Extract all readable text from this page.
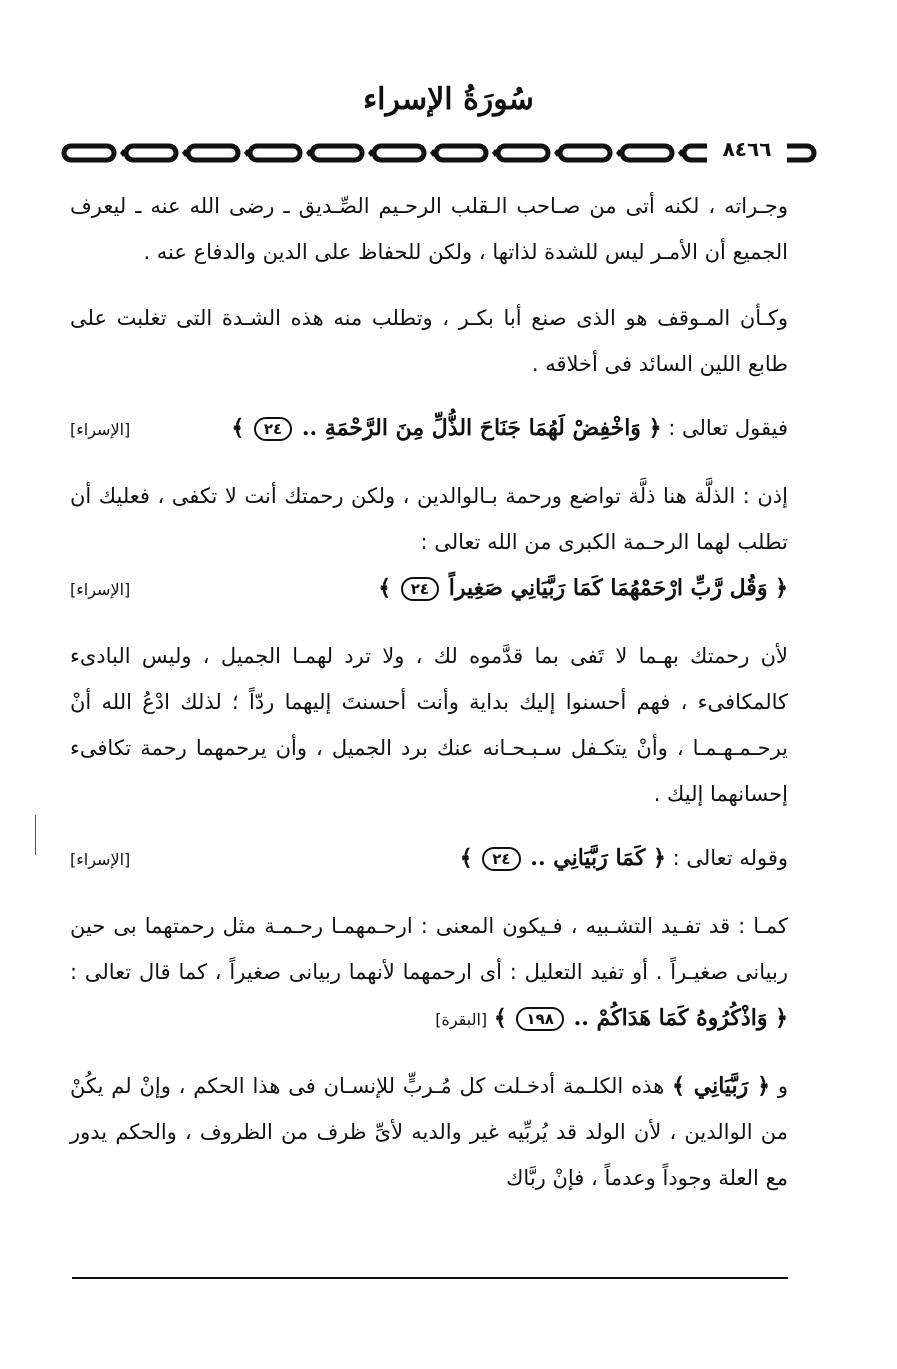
سُورَةُ الإسراء
٨٤٦٦

وجـراته ، لكنه أتى من صـاحب الـقلب الرحـيم الصِّـديق ـ رضى الله عنه ـ ليعرف الجميع أن الأمـر ليس للشدة لذاتها ، ولكن للحفاظ على الدين والدفاع عنه .

وكـأن المـوقف هو الذى صنع أبا بكـر ، وتطلب منه هذه الشـدة التى تغلبت على طابع اللين السائد فى أخلاقه .

فيقول تعالى : ﴿ وَاخْفِضْ لَهُمَا جَنَاحَ الذُّلِّ مِنَ الرَّحْمَةِ .. ٢٤ ﴾
[الإسراء]
إذن : الذلَّة هنا ذلَّة تواضع ورحمة بـالوالدين ، ولكن رحمتك أنت لا تكفى ، فعليك أن تطلب لهما الرحـمة الكبرى من الله تعالى :
﴿ وَقُل رَّبِّ ارْحَمْهُمَا كَمَا رَبَّيَانِي صَغِيراً ٢٤ ﴾
[الإسراء]

لأن رحمتك بهـما لا تَفى بما قدَّموه لك ، ولا ترد لهمـا الجميل ، وليس البادىء كالمكافىء ، فهم أحسنوا إليك بداية وأنت أحسنتَ إليهما ردّاً ؛ لذلك ادْعُ الله أنْ يرحـمـهـمـا ، وأنْ يتكـفل سـبـحـانه عنك برد الجميل ، وأن يرحمهما رحمة تكافىء إحسانهما إليك .

وقوله تعالى : ﴿ كَمَا رَبَّيَانِي .. ٢٤ ﴾
[الإسراء]
كمـا : قد تفـيد التشـبيه ، فـيكون المعنى : ارحـمهمـا رحـمـة مثل رحمتهما بى حين ربيانى صغيـراً . أو تفيد التعليل : أى ارحمهما لأنهما ربيانى صغيراً ، كما قال تعالى : ﴿ وَاذْكُرُوهُ كَمَا هَدَاكُمْ .. ١٩٨ ﴾ [البقرة]
و ﴿ رَبَّيَانِي ﴾ هذه الكلـمة أدخـلت كل مُـربٍّ للإنسـان فى هذا الحكم ، وإنْ لم يكُنْ من الوالدين ، لأن الولد قد يُربِّيه غير والديه لأىِّ ظرف من الظروف ، والحكم يدور مع العلة وجوداً وعدماً ، فإنْ ربَّاك
